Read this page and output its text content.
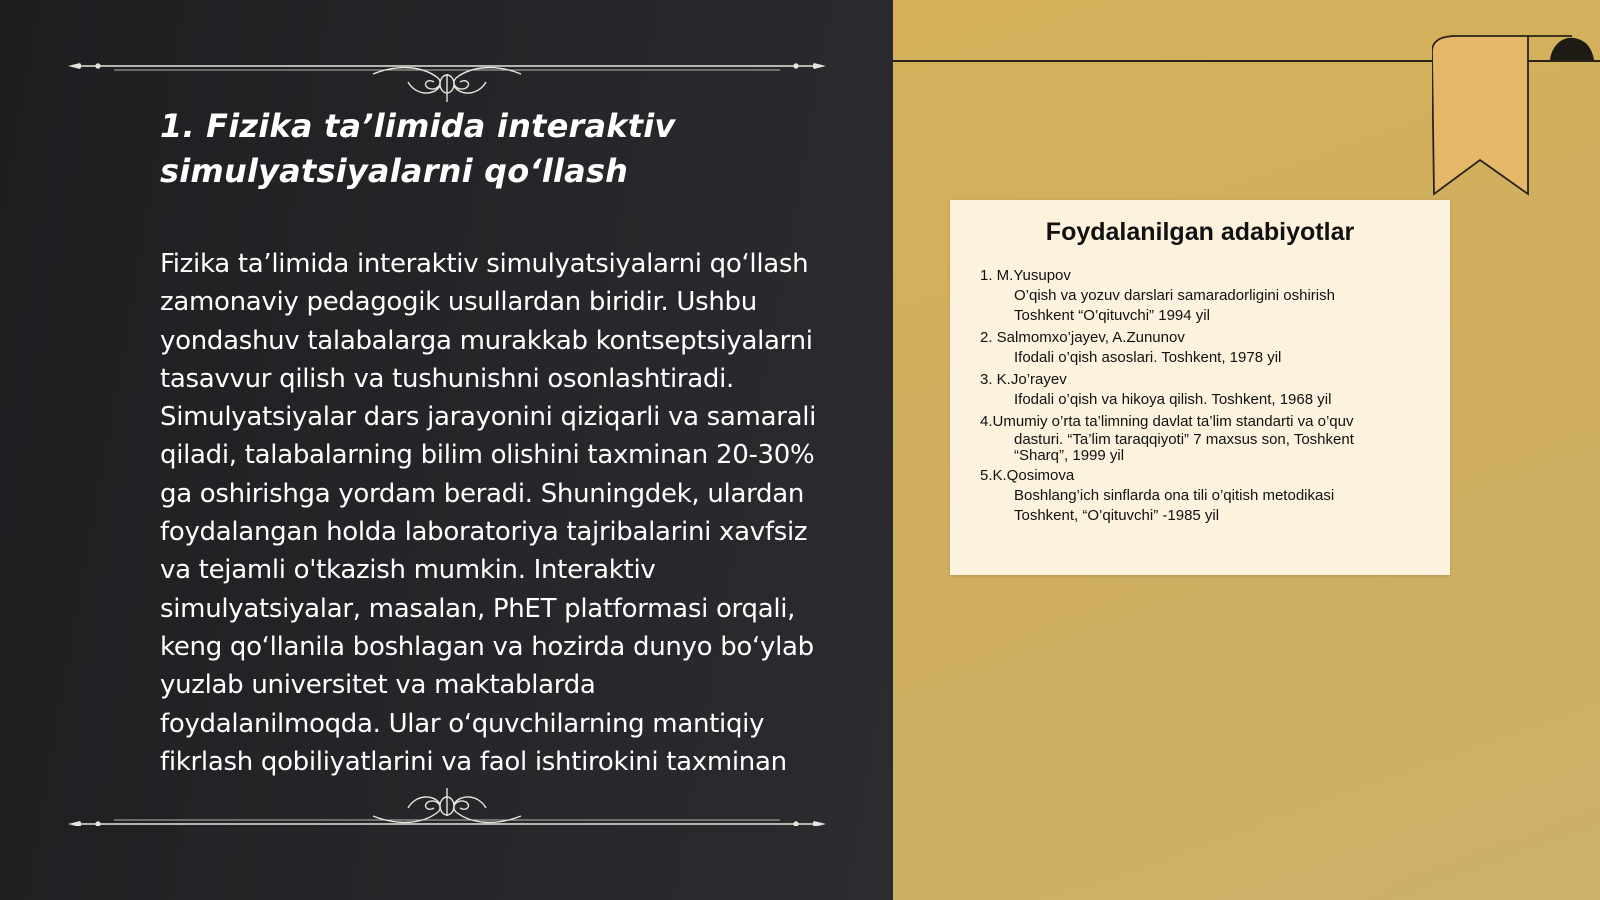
1. Fizika ta’limida interaktiv simulyatsiyalarni qo‘llash

Fizika ta’limida interaktiv simulyatsiyalarni qo‘llash zamonaviy pedagogik usullardan biridir. Ushbu yondashuv talabalarga murakkab kontseptsiyalarni tasavvur qilish va tushunishni osonlashtiradi. Simulyatsiyalar dars jarayonini qiziqarli va samarali qiladi, talabalarning bilim olishini taxminan 20-30% ga oshirishga yordam beradi. Shuningdek, ulardan foydalangan holda laboratoriya tajribalarini xavfsiz va tejamli o'tkazish mumkin. Interaktiv simulyatsiyalar, masalan, PhET platformasi orqali, keng qo‘llanila boshlagan va hozirda dunyo bo‘ylab yuzlab universitet va maktablarda foydalanilmoqda. Ular o‘quvchilarning mantiqiy fikrlash qobiliyatlarini va faol ishtirokini taxminan

Foydalanilgan adabiyotlar
1. M.Yusupov
O’qish va yozuv darslari samaradorligini oshirish
Toshkent “O’qituvchi” 1994 yil
2. Salmomxo’jayev, A.Zununov
Ifodali o’qish asoslari. Toshkent, 1978 yil
3. K.Jo’rayev
Ifodali o’qish va hikoya qilish. Toshkent, 1968 yil
4.Umumiy o’rta ta’limning davlat ta’lim standarti va o’quv
dasturi. “Ta’lim taraqqiyoti” 7 maxsus son, Toshkent
“Sharq”, 1999 yil
5.K.Qosimova
Boshlang’ich sinflarda ona tili o’qitish metodikasi
Toshkent, “O’qituvchi” -1985 yil
